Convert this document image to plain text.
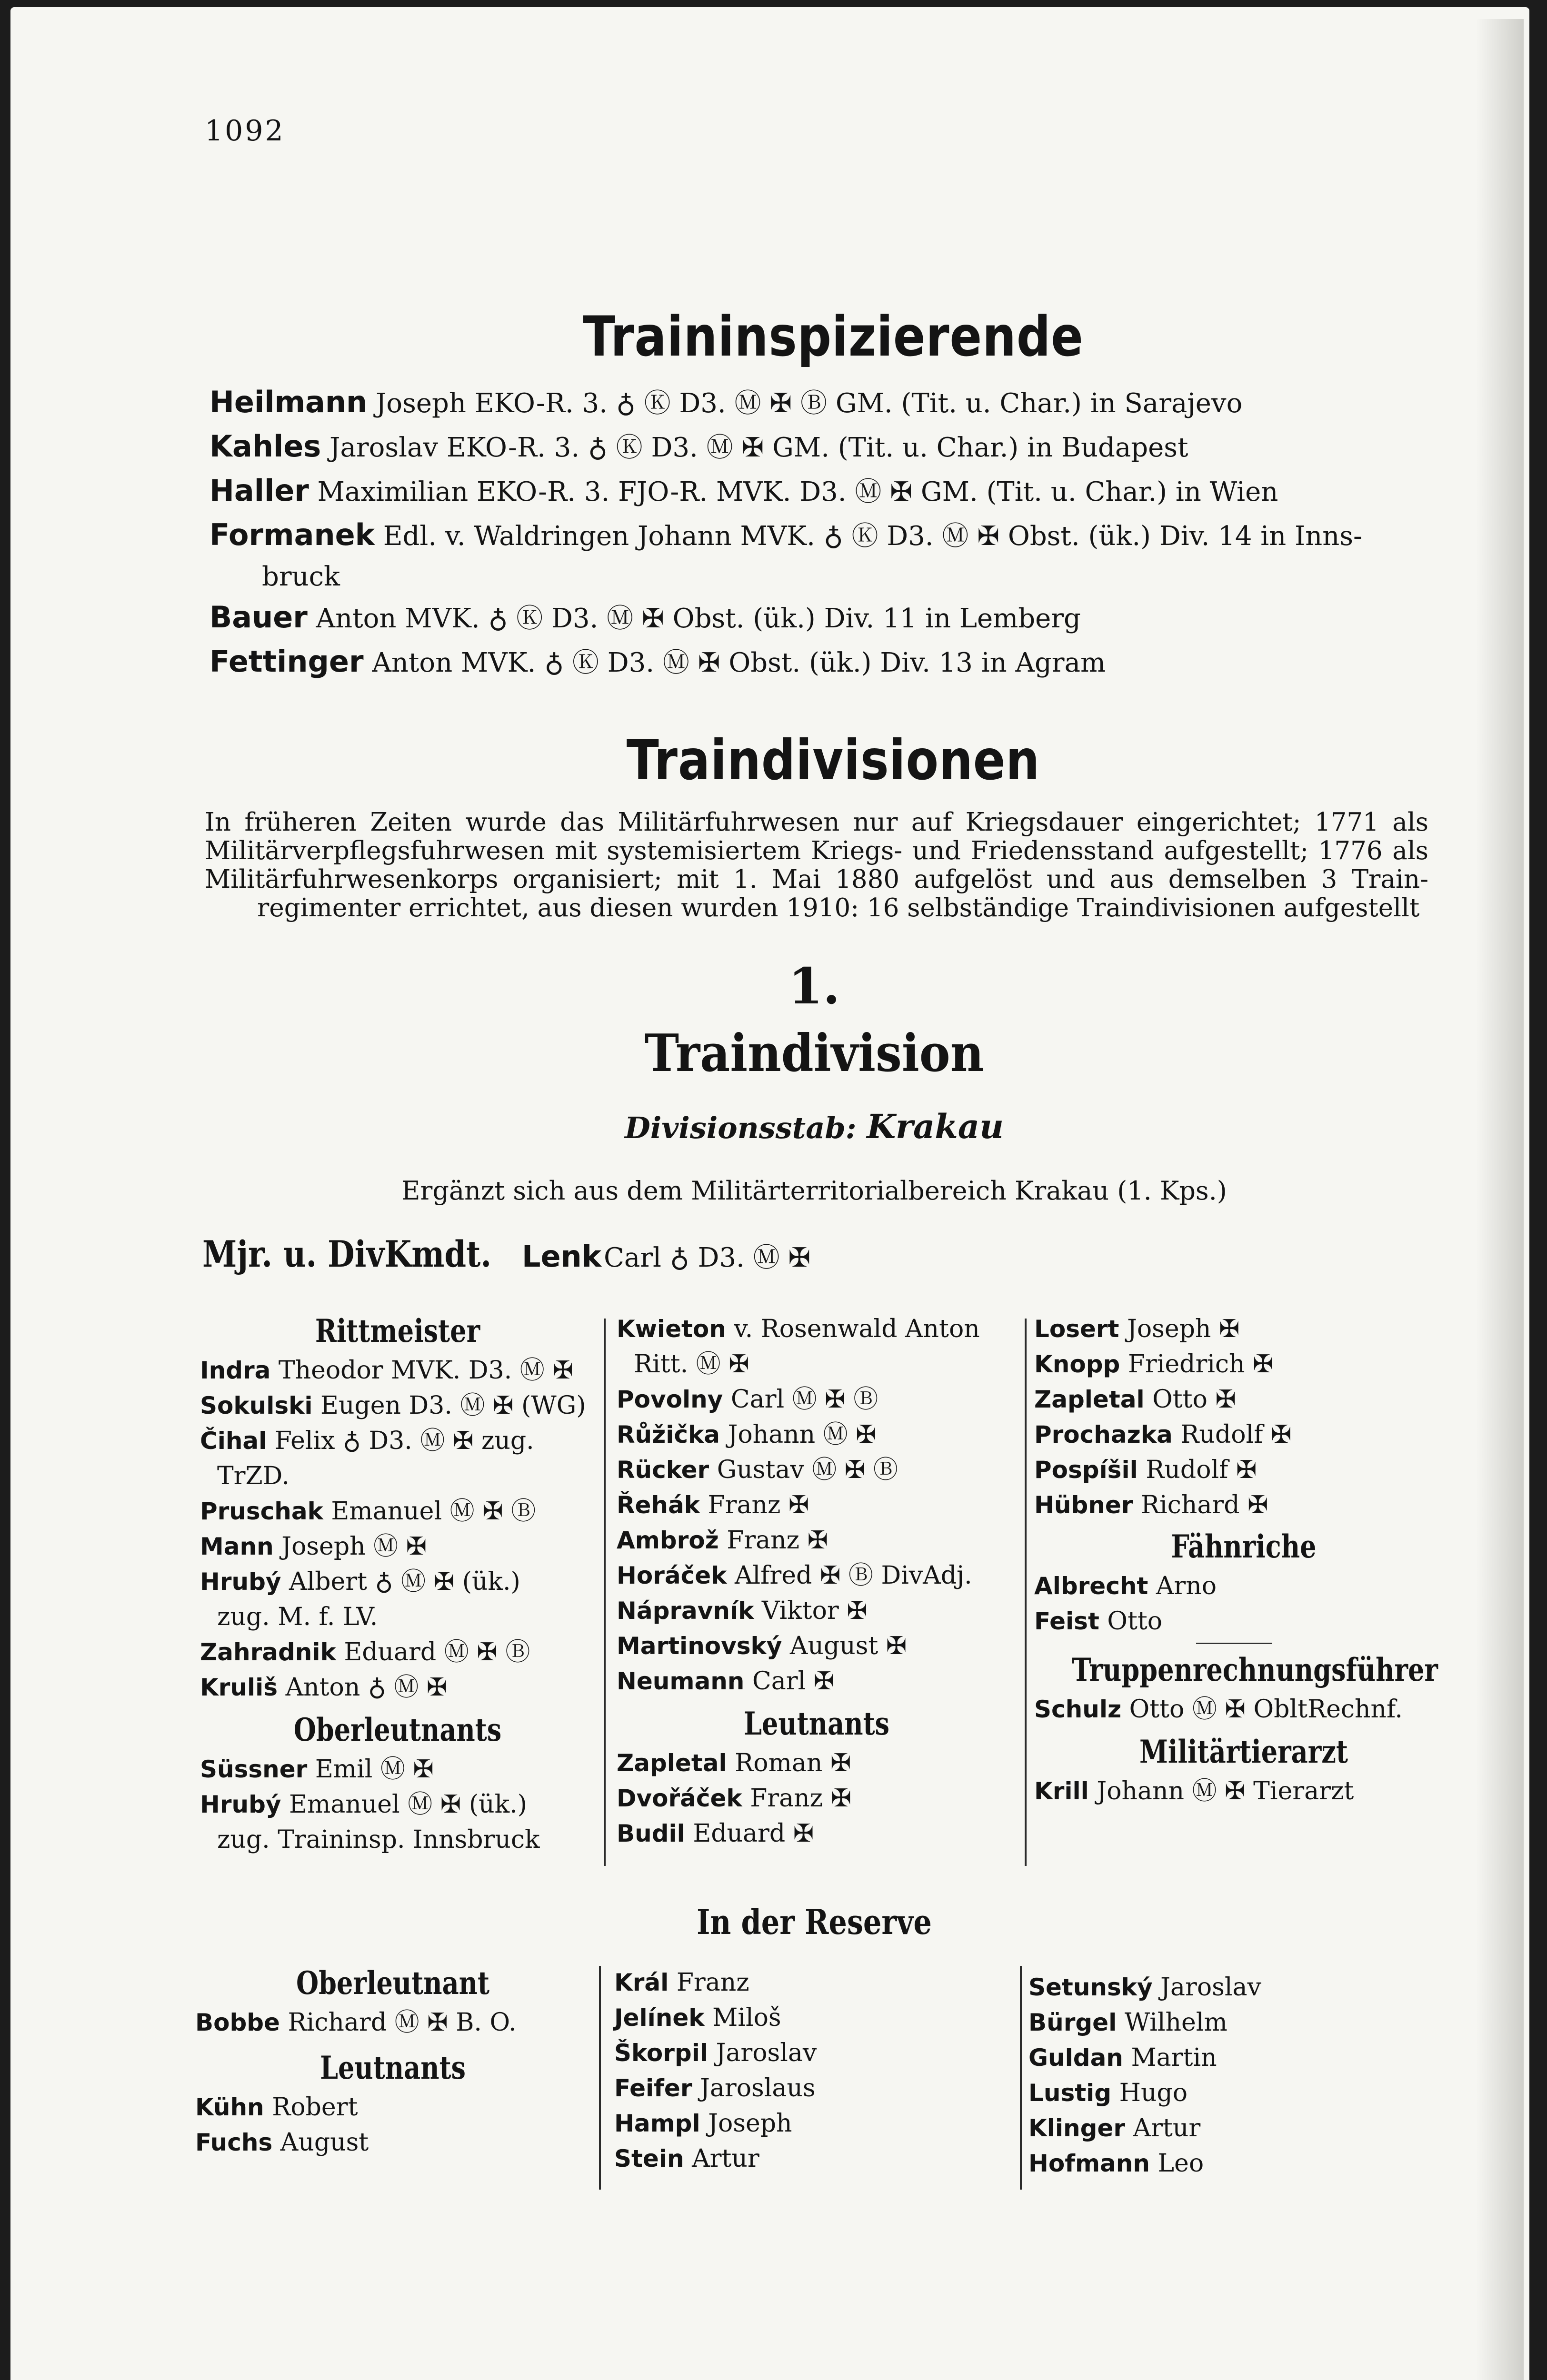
1092
Traininspizierende
Heilmann Joseph EKO-R. 3. ♁ Ⓚ D3. Ⓜ ✠ Ⓑ GM. (Tit. u. Char.) in Sarajevo
Kahles Jaroslav EKO-R. 3. ♁ Ⓚ D3. Ⓜ ✠ GM. (Tit. u. Char.) in Budapest
Haller Maximilian EKO-R. 3. FJO-R. MVK. D3. Ⓜ ✠ GM. (Tit. u. Char.) in Wien
Formanek Edl. v. Waldringen Johann MVK. ♁ Ⓚ D3. Ⓜ ✠ Obst. (ük.) Div. 14 in Inns-
bruck
Bauer Anton MVK. ♁ Ⓚ D3. Ⓜ ✠ Obst. (ük.) Div. 11 in Lemberg
Fettinger Anton MVK. ♁ Ⓚ D3. Ⓜ ✠ Obst. (ük.) Div. 13 in Agram
Traindivisionen
In früheren Zeiten wurde das Militärfuhrwesen nur auf Kriegsdauer eingerichtet; 1771 als
Militärverpflegsfuhrwesen mit systemisiertem Kriegs- und Friedensstand aufgestellt; 1776 als
Militärfuhrwesenkorps organisiert; mit 1. Mai 1880 aufgelöst und aus demselben 3 Train-
regimenter errichtet, aus diesen wurden 1910: 16 selbständige Traindivisionen aufgestellt
1.
Traindivision
Divisionsstab: Krakau
Ergänzt sich aus dem Militärterritorialbereich Krakau (1. Kps.)
Mjr. u. DivKmdt. Lenk Carl ♁ D3. Ⓜ ✠
Rittmeister
Indra Theodor MVK. D3. Ⓜ ✠
Sokulski Eugen D3. Ⓜ ✠ (WG)
Čihal Felix ♁ D3. Ⓜ ✠ zug.
TrZD.
Pruschak Emanuel Ⓜ ✠ Ⓑ
Mann Joseph Ⓜ ✠
Hrubý Albert ♁ Ⓜ ✠ (ük.)
zug. M. f. LV.
Zahradnik Eduard Ⓜ ✠ Ⓑ
Kruliš Anton ♁ Ⓜ ✠
Oberleutnants
Süssner Emil Ⓜ ✠
Hrubý Emanuel Ⓜ ✠ (ük.)
zug. Traininsp. Innsbruck
Kwieton v. Rosenwald Anton
Ritt. Ⓜ ✠
Povolny Carl Ⓜ ✠ Ⓑ
Růžička Johann Ⓜ ✠
Rücker Gustav Ⓜ ✠ Ⓑ
Řehák Franz ✠
Ambrož Franz ✠
Horáček Alfred ✠ Ⓑ DivAdj.
Nápravník Viktor ✠
Martinovský August ✠
Neumann Carl ✠
Leutnants
Zapletal Roman ✠
Dvořáček Franz ✠
Budil Eduard ✠
Losert Joseph ✠
Knopp Friedrich ✠
Zapletal Otto ✠
Prochazka Rudolf ✠
Pospíšil Rudolf ✠
Hübner Richard ✠
Fähnriche
Albrecht Arno
Feist Otto
Truppenrechnungsführer
Schulz Otto Ⓜ ✠ ObltRechnf.
Militärtierarzt
Krill Johann Ⓜ ✠ Tierarzt
In der Reserve
Oberleutnant
Bobbe Richard Ⓜ ✠ B. O.
Leutnants
Kühn Robert
Fuchs August
Král Franz
Jelínek Miloš
Škorpil Jaroslav
Feifer Jaroslaus
Hampl Joseph
Stein Artur
Setunský Jaroslav
Bürgel Wilhelm
Guldan Martin
Lustig Hugo
Klinger Artur
Hofmann Leo
